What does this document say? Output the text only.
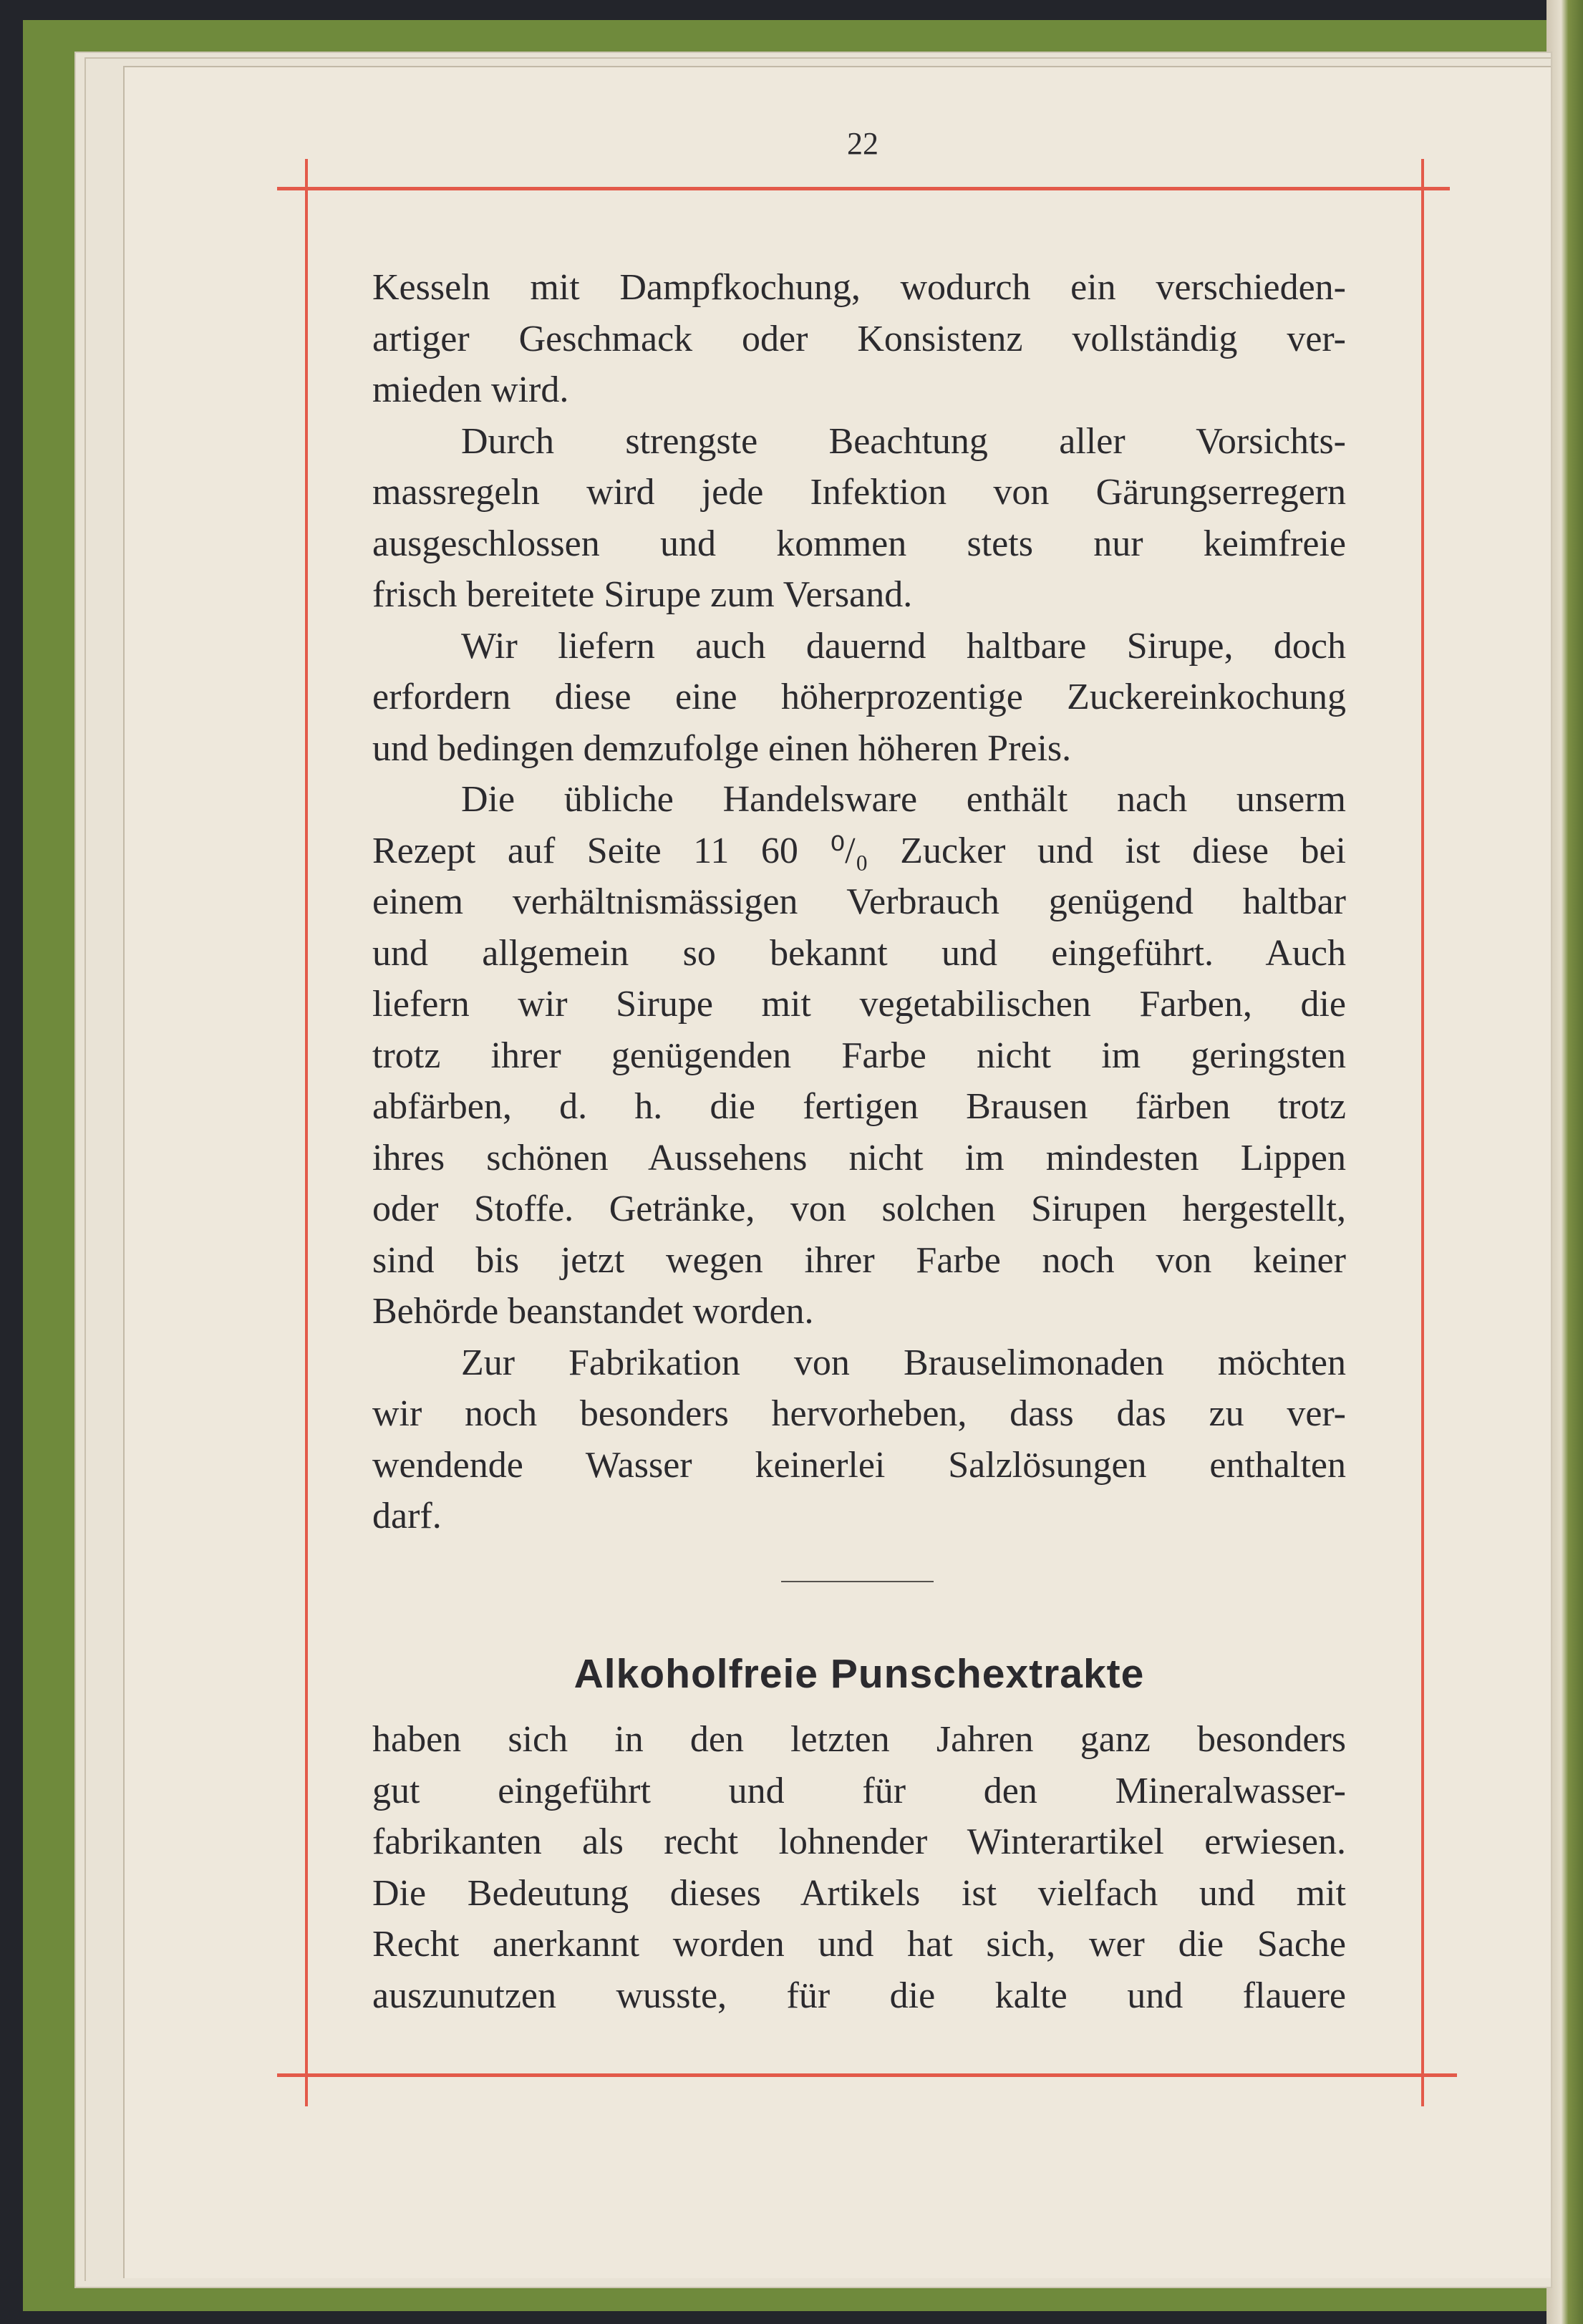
22
Kesseln mit Dampfkochung, wodurch ein verschieden-
artiger Geschmack oder Konsistenz vollständig ver-
mieden wird.
Durch strengste Beachtung aller Vorsichts-
massregeln wird jede Infektion von Gärungserregern
ausgeschlossen und kommen stets nur keimfreie
frisch bereitete Sirupe zum Versand.
Wir liefern auch dauernd haltbare Sirupe, doch
erfordern diese eine höherprozentige Zuckereinkochung
und bedingen demzufolge einen höheren Preis.
Die übliche Handelsware enthält nach unserm
Rezept auf Seite 11 60 ⁰/₀ Zucker und ist diese bei
einem verhältnismässigen Verbrauch genügend haltbar
und allgemein so bekannt und eingeführt. Auch
liefern wir Sirupe mit vegetabilischen Farben, die
trotz ihrer genügenden Farbe nicht im geringsten
abfärben, d. h. die fertigen Brausen färben trotz
ihres schönen Aussehens nicht im mindesten Lippen
oder Stoffe. Getränke, von solchen Sirupen hergestellt,
sind bis jetzt wegen ihrer Farbe noch von keiner
Behörde beanstandet worden.
Zur Fabrikation von Brauselimonaden möchten
wir noch besonders hervorheben, dass das zu ver-
wendende Wasser keinerlei Salzlösungen enthalten
darf.
Alkoholfreie Punschextrakte
haben sich in den letzten Jahren ganz besonders
gut eingeführt und für den Mineralwasser-
fabrikanten als recht lohnender Winterartikel erwiesen.
Die Bedeutung dieses Artikels ist vielfach und mit
Recht anerkannt worden und hat sich, wer die Sache
auszunutzen wusste, für die kalte und flauere
